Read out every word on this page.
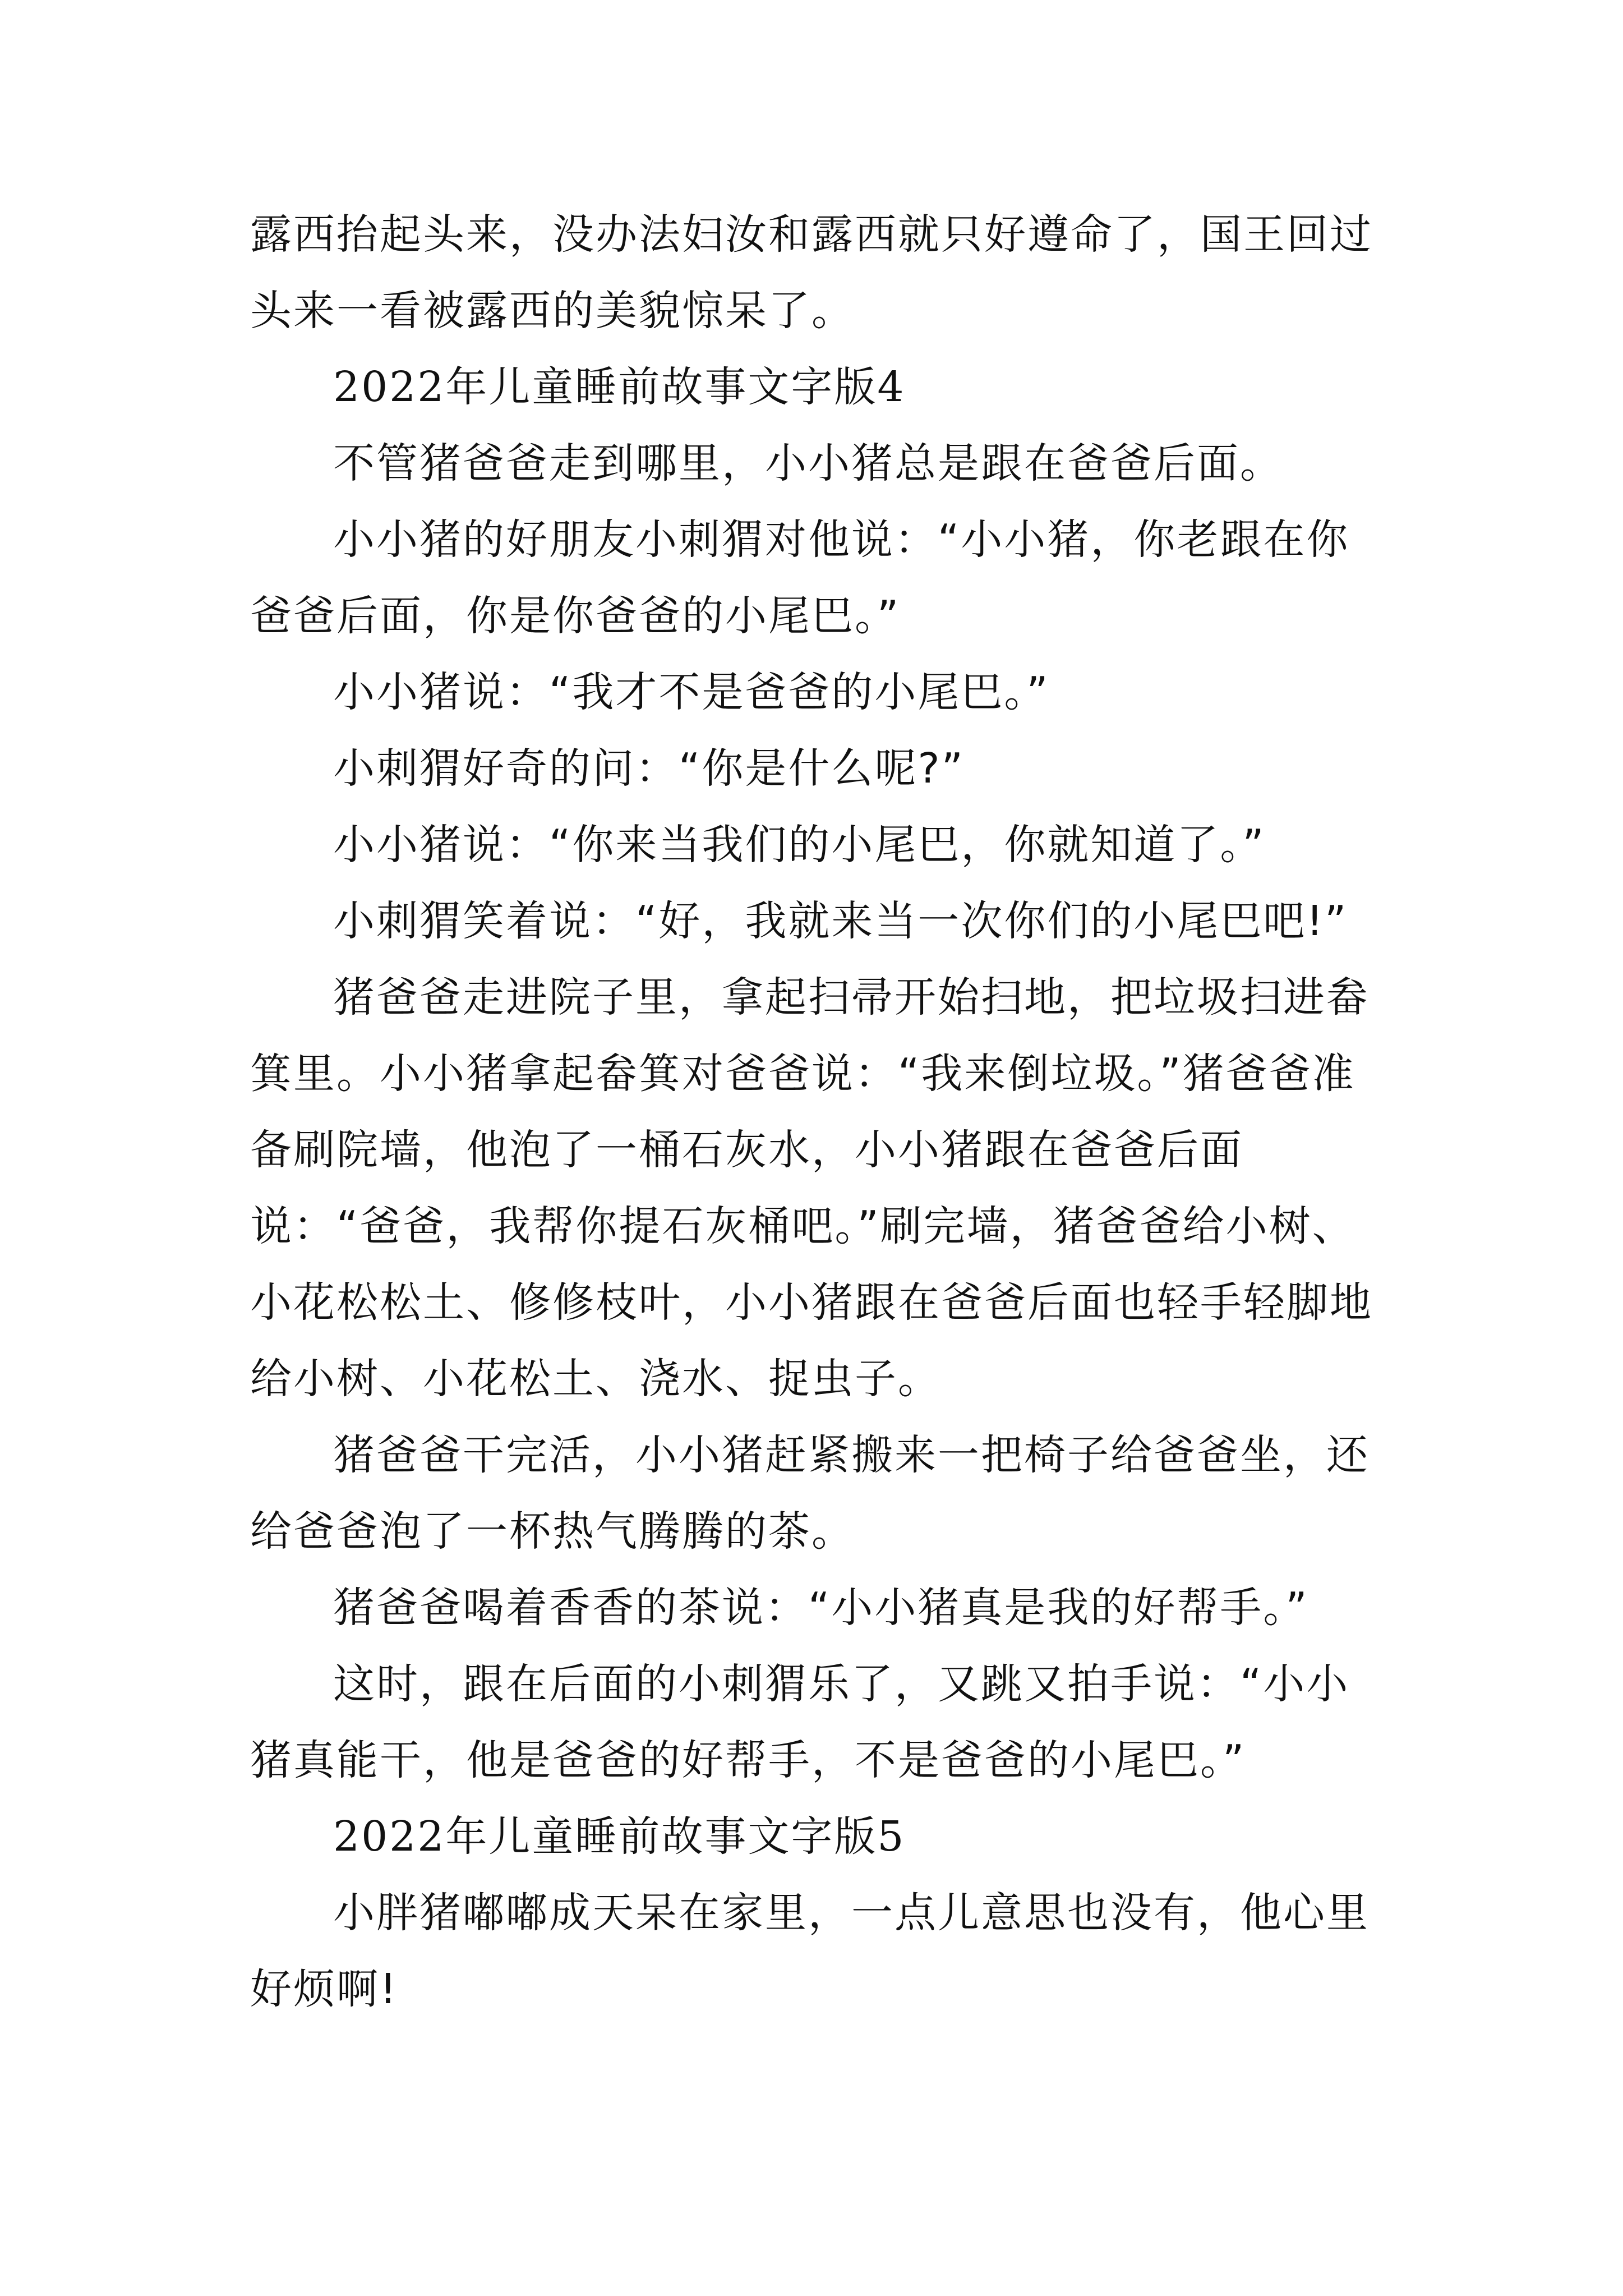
露西抬起头来，没办法妇汝和露西就只好遵命了，国王回过头来一看被露西的美貌惊呆了。

2022年儿童睡前故事文字版4

不管猪爸爸走到哪里，小小猪总是跟在爸爸后面。

小小猪的好朋友小刺猬对他说：“小小猪，你老跟在你爸爸后面，你是你爸爸的小尾巴。”

小小猪说：“我才不是爸爸的小尾巴。”

小刺猬好奇的问：“你是什么呢?”

小小猪说：“你来当我们的小尾巴，你就知道了。”

小刺猬笑着说：“好，我就来当一次你们的小尾巴吧!”

猪爸爸走进院子里，拿起扫帚开始扫地，把垃圾扫进畚箕里。小小猪拿起畚箕对爸爸说：“我来倒垃圾。”猪爸爸准备刷院墙，他泡了一桶石灰水，小小猪跟在爸爸后面说：“爸爸，我帮你提石灰桶吧。”刷完墙，猪爸爸给小树、小花松松土、修修枝叶，小小猪跟在爸爸后面也轻手轻脚地给小树、小花松土、浇水、捉虫子。

猪爸爸干完活，小小猪赶紧搬来一把椅子给爸爸坐，还给爸爸泡了一杯热气腾腾的茶。

猪爸爸喝着香香的茶说：“小小猪真是我的好帮手。”

这时，跟在后面的小刺猬乐了，又跳又拍手说：“小小猪真能干，他是爸爸的好帮手，不是爸爸的小尾巴。”

2022年儿童睡前故事文字版5

小胖猪嘟嘟成天呆在家里，一点儿意思也没有，他心里好烦啊!
